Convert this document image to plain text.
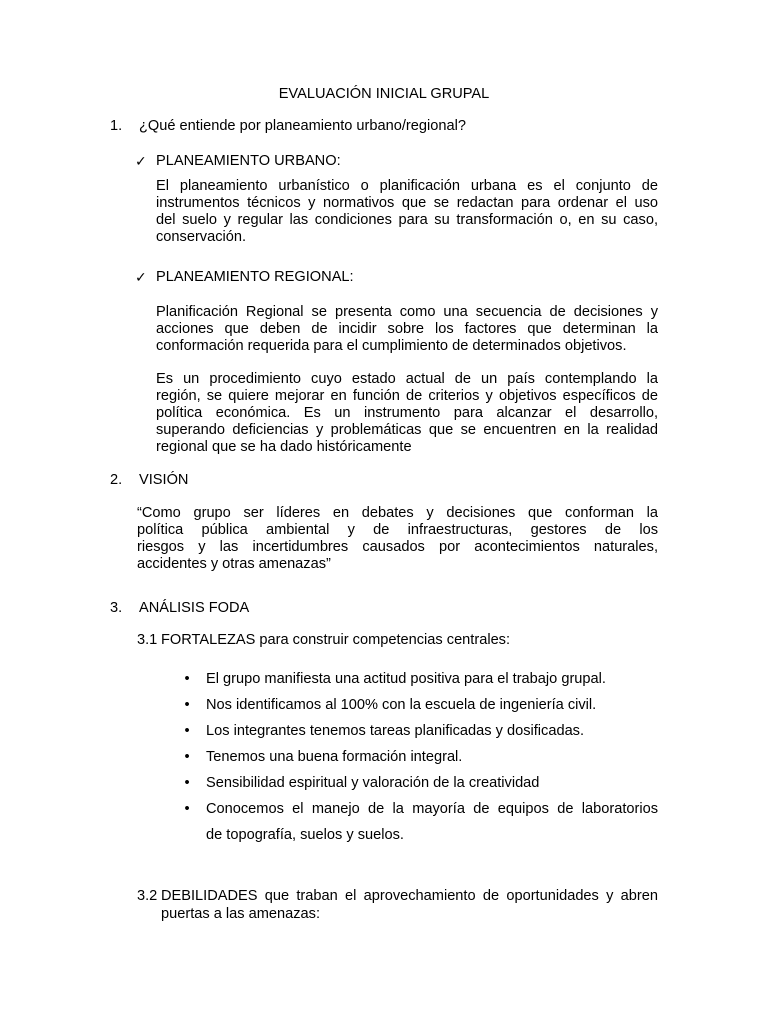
EVALUACIÓN INICIAL GRUPAL
1.	¿Qué entiende por planeamiento urbano/regional?
✓ PLANEAMIENTO URBANO:
El planeamiento urbanístico o planificación urbana es el conjunto de
instrumentos técnicos y normativos que se redactan para ordenar el uso
del suelo y regular las condiciones para su transformación o, en su caso,
conservación.
✓ PLANEAMIENTO REGIONAL:
Planificación Regional se presenta como una secuencia de decisiones y
acciones que deben de incidir sobre los factores que determinan la
conformación requerida para el cumplimiento de determinados objetivos.
Es un procedimiento cuyo estado actual de un país contemplando la
región, se quiere mejorar en función de criterios y objetivos específicos de
política económica. Es un instrumento para alcanzar el desarrollo,
superando deficiencias y problemáticas que se encuentren en la realidad
regional que se ha dado históricamente
2.	VISIÓN
“Como grupo ser líderes en debates y decisiones que conforman la
política pública ambiental y de infraestructuras, gestores de los
riesgos y las incertidumbres causados por acontecimientos naturales,
accidentes y otras amenazas”
3.	ANÁLISIS FODA
3.1 FORTALEZAS para construir competencias centrales:
•	El grupo manifiesta una actitud positiva para el trabajo grupal.
•	Nos identificamos al 100% con la escuela de ingeniería civil.
•	Los integrantes tenemos tareas planificadas y dosificadas.
•	Tenemos una buena formación integral.
•	Sensibilidad espiritual y valoración de la creatividad
•	Conocemos el manejo de la mayoría de equipos de laboratorios
de topografía, suelos y suelos.
3.2 DEBILIDADES que traban el aprovechamiento de oportunidades y abren
puertas a las amenazas:
